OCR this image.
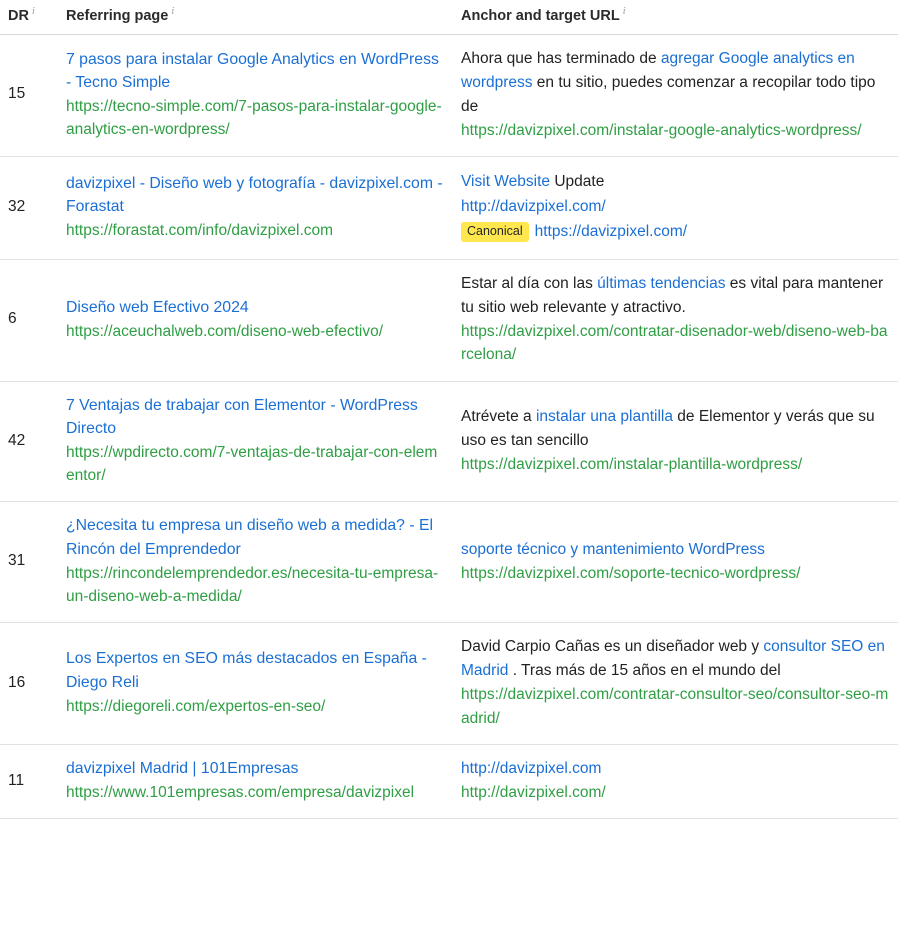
DR i	Referring page i	Anchor and target URL i
15	7 pasos para instalar Google Analytics en WordPress - Tecno Simple
https://tecno-simple.com/7-pasos-para-instalar-google-analytics-en-wordpress/	Ahora que has terminado de agregar Google analytics en wordpress en tu sitio, puedes comenzar a recopilar todo tipo de
https://davizpixel.com/instalar-google-analytics-wordpress/

32	davizpixel - Diseño web y fotografía - davizpixel.com - Forastat
https://forastat.com/info/davizpixel.com	Visit Website Update
http://davizpixel.com/
Canonical https://davizpixel.com/

6	Diseño web Efectivo 2024
https://aceuchalweb.com/diseno-web-efectivo/	Estar al día con las últimas tendencias es vital para mantener tu sitio web relevante y atractivo.
https://davizpixel.com/contratar-disenador-web/diseno-web-barcelona/

42	7 Ventajas de trabajar con Elementor - WordPress Directo
https://wpdirecto.com/7-ventajas-de-trabajar-con-elementor/	Atrévete a instalar una plantilla de Elementor y verás que su uso es tan sencillo
https://davizpixel.com/instalar-plantilla-wordpress/

31	¿Necesita tu empresa un diseño web a medida? - El Rincón del Emprendedor
https://rincondelemprendedor.es/necesita-tu-empresa-un-diseno-web-a-medida/	soporte técnico y mantenimiento WordPress
https://davizpixel.com/soporte-tecnico-wordpress/

16	Los Expertos en SEO más destacados en España - Diego Reli
https://diegoreli.com/expertos-en-seo/	David Carpio Cañas es un diseñador web y consultor SEO en Madrid . Tras más de 15 años en el mundo del
https://davizpixel.com/contratar-consultor-seo/consultor-seo-madrid/

11	davizpixel Madrid | 101Empresas
https://www.101empresas.com/empresa/davizpixel	http://davizpixel.com
http://davizpixel.com/
